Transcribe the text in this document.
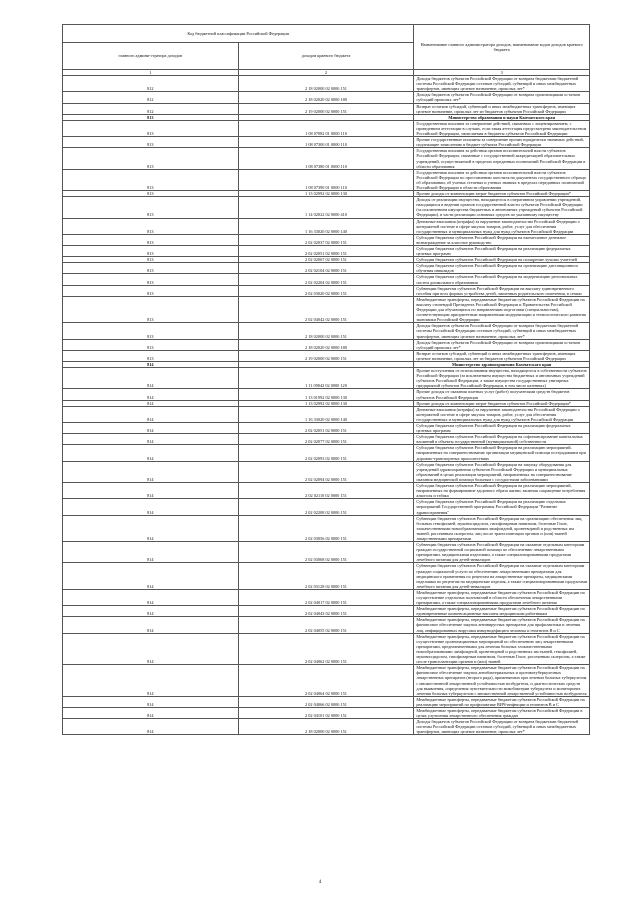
Код бюджетной классификации Российской Федерации		Наименование главного администратора доходов, наименование кодов доходов краевого бюджета
главного админи-стратора доходов	доходов краевого бюджета	
1	2	3
812	2 18 02000 02 0000 151	Доходы бюджетов субъектов Российской Федерации от возврата бюджетами бюджетной системы Российской Федерации остатков субсидий, субвенций и иных межбюджетных трансфертов, имеющих целевое назначение, прошлых лет*
812	2 18 02020 02 0000 180	Доходы бюджетов субъектов Российской Федерации от возврата организациями остатков субсидий прошлых лет*
812	2 19 02000 02 0000 151	Возврат остатков субсидий, субвенций и иных межбюджетных трансфертов, имеющих целевое назначение, прошлых лет из бюджетов субъектов Российской Федерации
813		Министерство образования и науки Камчатского края
813	1 08 07082 01 0000 110	Государственная пошлина за совершение действий, связанных с лицензированием, с проведением аттестации в случаях, если такая аттестация предусмотрена законодательством Российской Федерации, зачисляемая в бюджеты субъектов Российской Федерации
813	1 08 07300 01 0000 110	Прочие государственные пошлины за совершение прочих юридически значимых действий, подлежащие зачислению в бюджет субъекта Российской Федерации
813	1 08 07380 01 0000 110	Государственная пошлина за действия органов исполнительной власти субъектов Российской Федерации, связанные с государственной аккредитацией образовательных учреждений, осуществляемой в пределах переданных полномочий Российской Федерации в области образования
813	1 08 07390 01 0000 110	Государственная пошлина за действия органов исполнительной власти субъектов Российской Федерации по проставлению апостиля на документах государственного образца об образовании, об ученых степенях и ученых званиях в пределах переданных полномочий Российской Федерации в области образования
813	1 13 02992 02 0000 130	Прочие доходы от компенсации затрат бюджетов субъектов Российской Федерации*
813	1 14 02022 02 0000 410	Доходы от реализации имущества, находящегося в оперативном управлении учреждений, находящихся в ведении органов государственной власти субъектов Российской Федерации (за исключением имущества бюджетных и автономных учреждений субъектов Российской Федерации), в части реализации основных средств по указанному имуществу
813	1 16 33020 02 0000 140	Денежные взыскания (штрафы) за нарушение законодательства Российской Федерации о контрактной системе в сфере закупок товаров, работ, услуг для обеспечения государственных и муниципальных нужд для нужд субъектов Российской Федерации
813	2 02 02037 02 0000 151	Субсидии бюджетам субъектов Российской Федерации на ежемесячное денежное вознаграждение за классное руководство
813	2 02 02051 02 0000 151	Субсидии бюджетам субъектов Российской Федерации на реализацию федеральных целевых программ
813	2 02 02067 02 0000 151	Субсидии бюджетам субъектов Российской Федерации на поощрение лучших учителей
813	2 02 02104 02 0000 151	Субсидии бюджетам субъектов Российской Федерации на организацию дистанционного обучения инвалидов
813	2 02 02204 02 0000 151	Субсидии бюджетам субъектов Российской Федерации на модернизацию региональных систем дошкольного образования
813	2 02 03020 02 0000 151	Субвенции бюджетам субъектов Российской Федерации на выплату единовременного пособия при всех формах устройства детей, лишенных родительского попечения, в семью
813	2 02 04042 02 0000 151	Межбюджетные трансферты, передаваемые бюджетам субъектов Российской Федерации на выплату стипендий Президента Российской Федерации и Правительства Российской Федерации для обучающихся по направлениям подготовки (специальностям), соответствующим приоритетным направлениям модернизации и технологического развития экономики Российской Федерации
813	2 18 02000 02 0000 151	Доходы бюджетов субъектов Российской Федерации от возврата бюджетами бюджетной системы Российской Федерации остатков субсидий, субвенций и иных межбюджетных трансфертов, имеющих целевое назначение, прошлых лет*
813	2 18 02020 02 0000 180	Доходы бюджетов субъектов Российской Федерации от возврата организациями остатков субсидий прошлых лет*
813	2 19 02000 02 0000 151	Возврат остатков субсидий, субвенций и иных межбюджетных трансфертов, имеющих целевое назначение, прошлых лет из бюджетов субъектов Российской Федерации
814		Министерство здравоохранения Камчатского края
814	1 11 09042 02 0000 120	Прочие поступления от использования имущества, находящегося в собственности субъектов Российской Федерации (за исключением имущества бюджетных и автономных учреждений субъектов Российской Федерации, а также имущества государственных унитарных предприятий субъектов Российской Федерации, в том числе казенных)
814	1 13 01992 02 0000 130	Прочие доходы от оказания платных услуг (работ) получателями средств бюджетов субъектов Российской Федерации
814	1 13 02992 02 0000 130	Прочие доходы от компенсации затрат бюджетов субъектов Российской Федерации*
814	1 16 33020 02 0000 140	Денежные взыскания (штрафы) за нарушение законодательства Российской Федерации о контрактной системе в сфере закупок товаров, работ, услуг для обеспечения государственных и муниципальных нужд для нужд субъектов Российской Федерации
814	2 02 02051 02 0000 151	Субсидии бюджетам субъектов Российской Федерации на реализацию федеральных целевых программ
814	2 02 02077 02 0000 151	Субсидии бюджетам субъектов Российской Федерации на софинансирование капитальных вложений в объекты государственной (муниципальной) собственности
814	2 02 02093 02 0000 151	Субсидии бюджетам субъектов Российской Федерации на реализацию мероприятий, направленных на совершенствование организации медицинской помощи пострадавшим при дорожно-транспортных происшествиях
814	2 02 02094 02 0000 151	Субсидии бюджетам субъектов Российской Федерации на закупку оборудования для учреждений здравоохранения субъектов Российской Федерации и муниципальных образований в целях реализации мероприятий, направленных на совершенствование оказания медицинской помощи больным с сосудистыми заболеваниями
814	2 02 02110 02 0000 151	Субсидии бюджетам субъектов Российской Федерации на реализацию мероприятий, направленных на формирование здорового образа жизни, включая сокращение потребления алкоголя и табака
814	2 02 02208 02 0000 151	Субсидии бюджетам субъектов Российской Федерации на реализацию отдельных мероприятий Государственной программы Российской Федерации "Развитие здравоохранения"
814	2 02 03056 02 0000 151	Субвенции бюджетам субъектов Российской Федерации на организацию обеспечения лиц, больных гемофилией, муковисцидозом, гипофизарным нанизмом, болезнью Гоше, злокачественными новообразованиями лимфоидной, кроветворной и родственных им тканей, рассеянным склерозом, лиц после трансплантации органов и (или) тканей лекарственными препаратами
814	2 02 03068 02 0000 151	Субвенции бюджетам субъектов Российской Федерации на оказание отдельным категориям граждан государственной социальной помощи по обеспечению лекарственными препаратами, медицинскими изделиями, а также специализированными продуктами лечебного питания для детей-инвалидов
814	2 02 03128 02 0000 151	Субвенции бюджетам субъектов Российской Федерации на оказание отдельным категориям граждан социальной услуги по обеспечению лекарственными препаратами для медицинского применения по рецептам на лекарственные препараты, медицинскими изделиями по рецептам на медицинские изделия, а также специализированными продуктами лечебного питания для детей-инвалидов
814	2 02 04017 02 0000 151	Межбюджетные трансферты, передаваемые бюджетам субъектов Российской Федерации на осуществление отдельных полномочий в области обеспечения лекарственными препаратами, а также специализированными продуктами лечебного питания
814	2 02 04043 02 0000 151	Межбюджетные трансферты, передаваемые бюджетам субъектов Российской Федерации на единовременные компенсационные выплаты медицинским работникам
814	2 02 04055 02 0000 151	Межбюджетные трансферты, передаваемые бюджетам субъектов Российской Федерации на финансовое обеспечение закупок антивирусных препаратов для профилактики и лечения лиц, инфицированных вирусами иммунодефицита человека и гепатитов B и C
814	2 02 04062 02 0000 151	Межбюджетные трансферты, передаваемые бюджетам субъектов Российской Федерации на осуществление организационных мероприятий по обеспечению лиц лекарственными препаратами, предназначенными для лечения больных злокачественными новообразованиями лимфоидной, кроветворной и родственных им тканей, гемофилией, муковисцидозом, гипофизарным нанизмом, болезнью Гоше, рассеянным склерозом, а также после трансплантации органов и (или) тканей
814	2 02 04064 02 0000 151	Межбюджетные трансферты, передаваемые бюджетам субъектов Российской Федерации на финансовое обеспечение закупок антибактериальных и противотуберкулезных лекарственных препаратов (второго ряда), применяемых при лечении больных туберкулезом с множественной лекарственной устойчивостью возбудителя, и диагностических средств для выявления, определения чувствительности микобактерии туберкулеза и мониторинга лечения больных туберкулезом с множественной лекарственной устойчивостью возбудителя
814	2 02 04066 02 0000 151	Межбюджетные трансферты, передаваемые бюджетам субъектов Российской Федерации на реализацию мероприятий по профилактике ВИЧ-инфекции и гепатитов B и C
814	2 02 04101 02 0000 151	Межбюджетные трансферты, передаваемые бюджетам субъектов Российской Федерации в целях улучшения лекарственного обеспечения граждан
814	2 18 02000 02 0000 151	Доходы бюджетов субъектов Российской Федерации от возврата бюджетами бюджетной системы Российской Федерации остатков субсидий, субвенций и иных межбюджетных трансфертов, имеющих целевое назначение, прошлых лет*
4
